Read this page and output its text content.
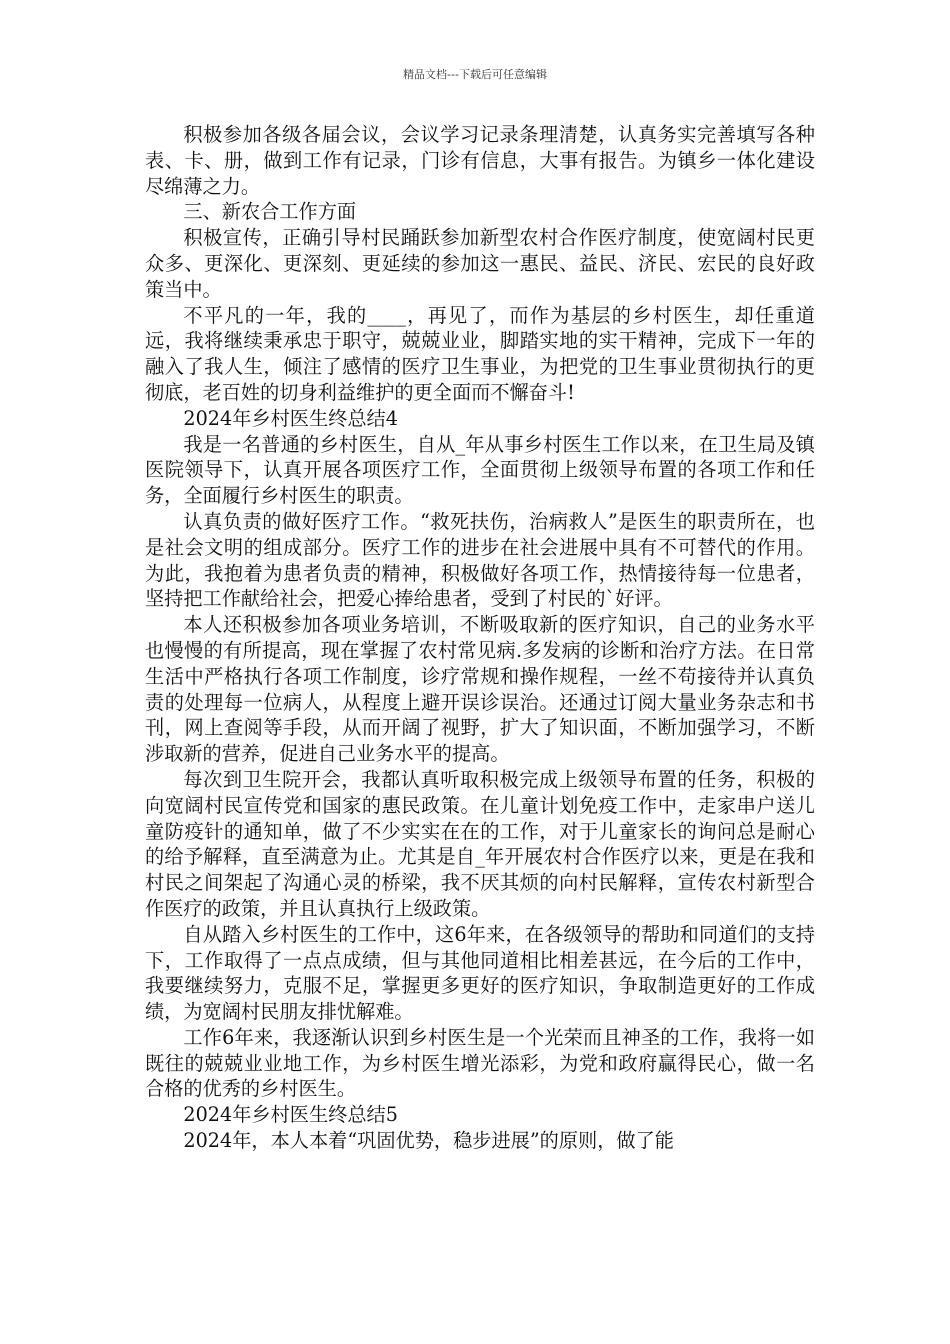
精品文档---下载后可任意编辑

积极参加各级各届会议，会议学习记录条理清楚，认真务实完善填写各种表、卡、册，做到工作有记录，门诊有信息，大事有报告。为镇乡一体化建设尽绵薄之力。

三、新农合工作方面

积极宣传，正确引导村民踊跃参加新型农村合作医疗制度，使宽阔村民更众多、更深化、更深刻、更延续的参加这一惠民、益民、济民、宏民的良好政策当中。

不平凡的一年，我的____，再见了，而作为基层的乡村医生，却任重道远，我将继续秉承忠于职守，兢兢业业，脚踏实地的实干精神，完成下一年的融入了我人生，倾注了感情的医疗卫生事业，为把党的卫生事业贯彻执行的更彻底，老百姓的切身利益维护的更全面而不懈奋斗!

2024年乡村医生终总结4

我是一名普通的乡村医生，自从_年从事乡村医生工作以来，在卫生局及镇医院领导下，认真开展各项医疗工作，全面贯彻上级领导布置的各项工作和任务，全面履行乡村医生的职责。

认真负责的做好医疗工作。“救死扶伤，治病救人”是医生的职责所在，也是社会文明的组成部分。医疗工作的进步在社会进展中具有不可替代的作用。为此，我抱着为患者负责的精神，积极做好各项工作，热情接待每一位患者，坚持把工作献给社会，把爱心捧给患者，受到了村民的`好评。

本人还积极参加各项业务培训，不断吸取新的医疗知识，自己的业务水平也慢慢的有所提高，现在掌握了农村常见病.多发病的诊断和治疗方法。在日常生活中严格执行各项工作制度，诊疗常规和操作规程，一丝不苟接待并认真负责的处理每一位病人，从程度上避开误诊误治。还通过订阅大量业务杂志和书刊，网上查阅等手段，从而开阔了视野，扩大了知识面，不断加强学习，不断涉取新的营养，促进自己业务水平的提高。

每次到卫生院开会，我都认真听取积极完成上级领导布置的任务，积极的向宽阔村民宣传党和国家的惠民政策。在儿童计划免疫工作中，走家串户送儿童防疫针的通知单，做了不少实实在在的工作，对于儿童家长的询问总是耐心的给予解释，直至满意为止。尤其是自_年开展农村合作医疗以来，更是在我和村民之间架起了沟通心灵的桥梁，我不厌其烦的向村民解释，宣传农村新型合作医疗的政策，并且认真执行上级政策。

自从踏入乡村医生的工作中，这6年来，在各级领导的帮助和同道们的支持下，工作取得了一点点成绩，但与其他同道相比相差甚远，在今后的工作中，我要继续努力，克服不足，掌握更多更好的医疗知识，争取制造更好的工作成绩，为宽阔村民朋友排忧解难。

工作6年来，我逐渐认识到乡村医生是一个光荣而且神圣的工作，我将一如既往的兢兢业业地工作，为乡村医生增光添彩，为党和政府赢得民心，做一名合格的优秀的乡村医生。

2024年乡村医生终总结5

2024年，本人本着“巩固优势，稳步进展”的原则，做了能
